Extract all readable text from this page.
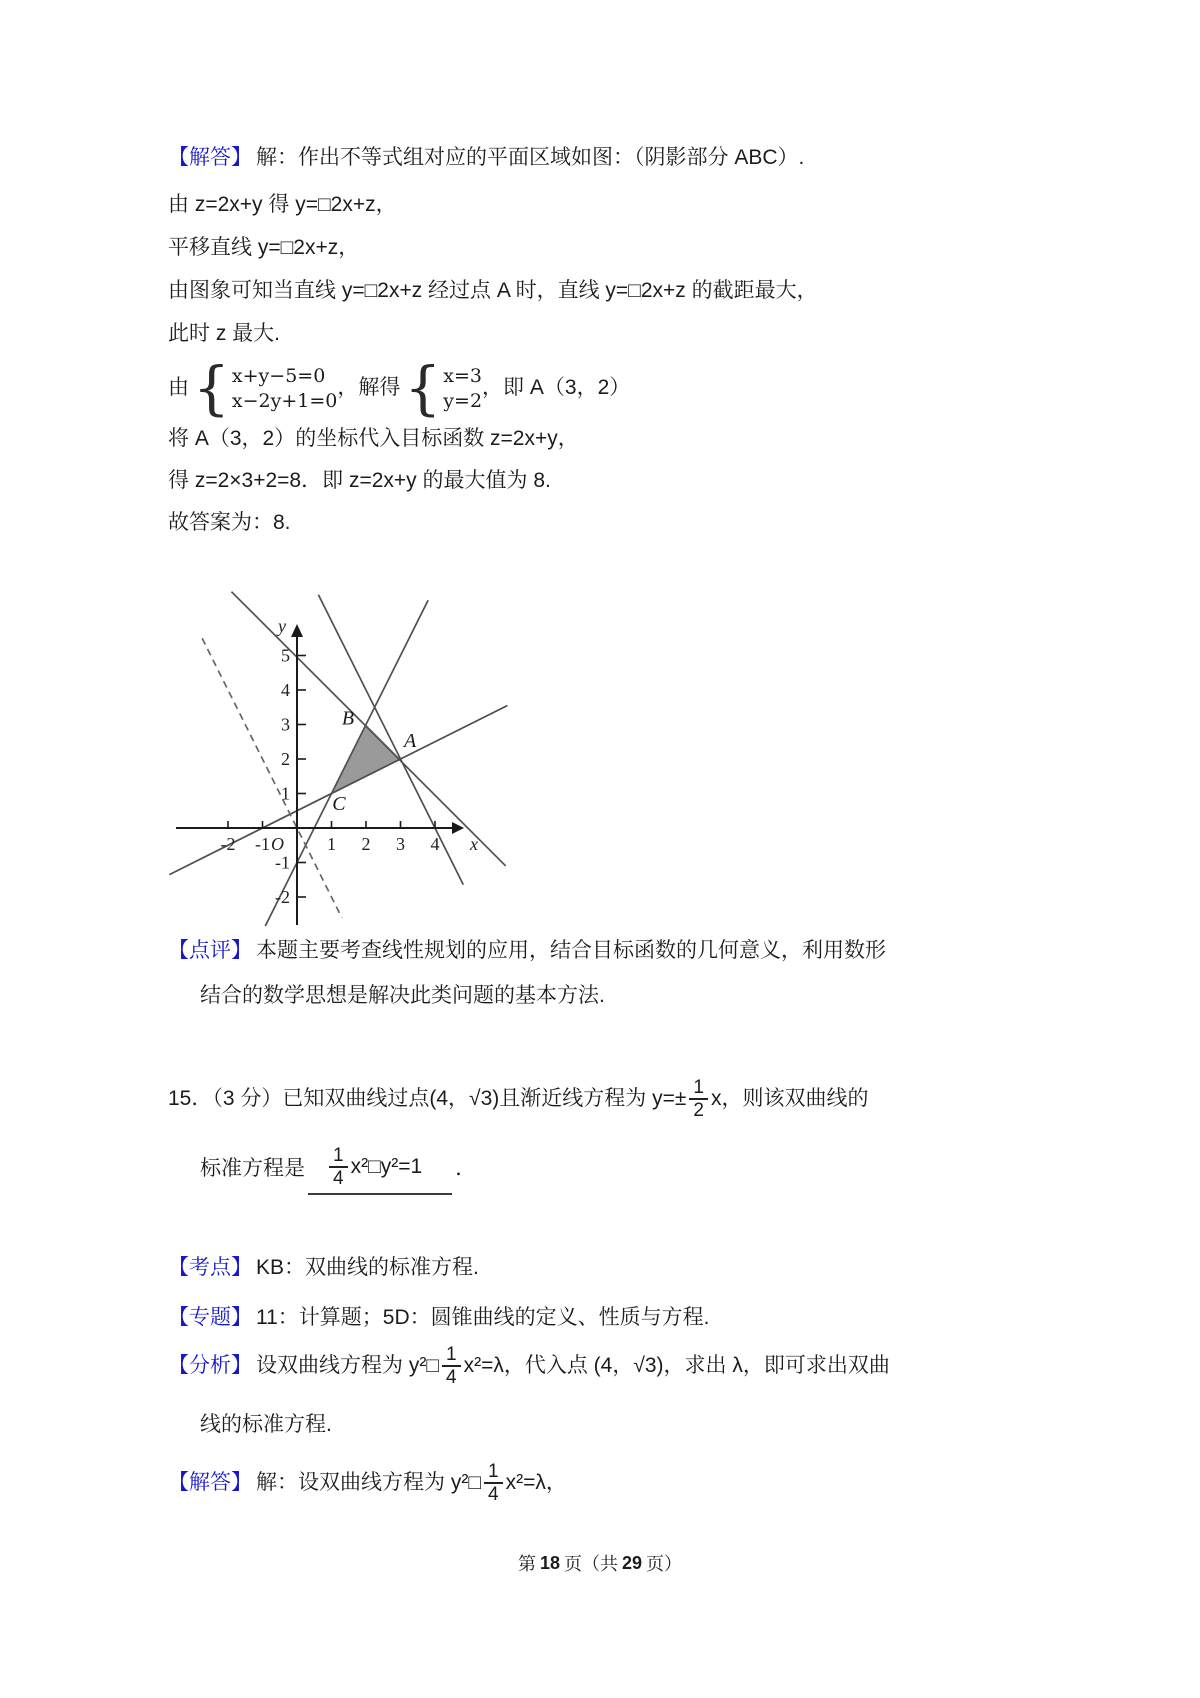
【解答】 解：作出不等式组对应的平面区域如图：（阴影部分 ABC）.
由 z=2x+y 得 y=□2x+z，
平移直线 y=□2x+z，
由图象可知当直线 y=□2x+z 经过点 A 时，直线 y=□2x+z 的截距最大，
此时 z 最大.
由 { x+y−5=0
x−2y+1=0
，解得 { x=3
y=2
，即 A（3，2）
将 A（3，2）的坐标代入目标函数 z=2x+y，
得 z=2×3+2=8．即 z=2x+y 的最大值为 8.
故答案为：8.
-2 -1	1 2 3 4
5
4
3
2
1
-1
-2
O	x
y
B
A
C
【点评】 本题主要考查线性规划的应用，结合目标函数的几何意义，利用数形
结合的数学思想是解决此类问题的基本方法.
15．（3 分）已知双曲线过点 (4，√3) 且渐近线方程为 $y=\pm \frac{1}{2}$ x，则该双曲线的
标准方程是 $\frac{1}{4}$ x²□y²=1 ．
【考点】 KB：双曲线的标准方程.
【专题】 11：计算题；5D：圆锥曲线的定义、性质与方程.
【分析】 设双曲线方程为 y²□ $\frac{1}{4} x^2=\lambda$，代入点 (4，√3)，求出 λ，即可求出双曲
线的标准方程.
【解答】 解：设双曲线方程为 y²□ $\frac{1}{4} x^2=\lambda$，
第 18 页（共 29 页）
